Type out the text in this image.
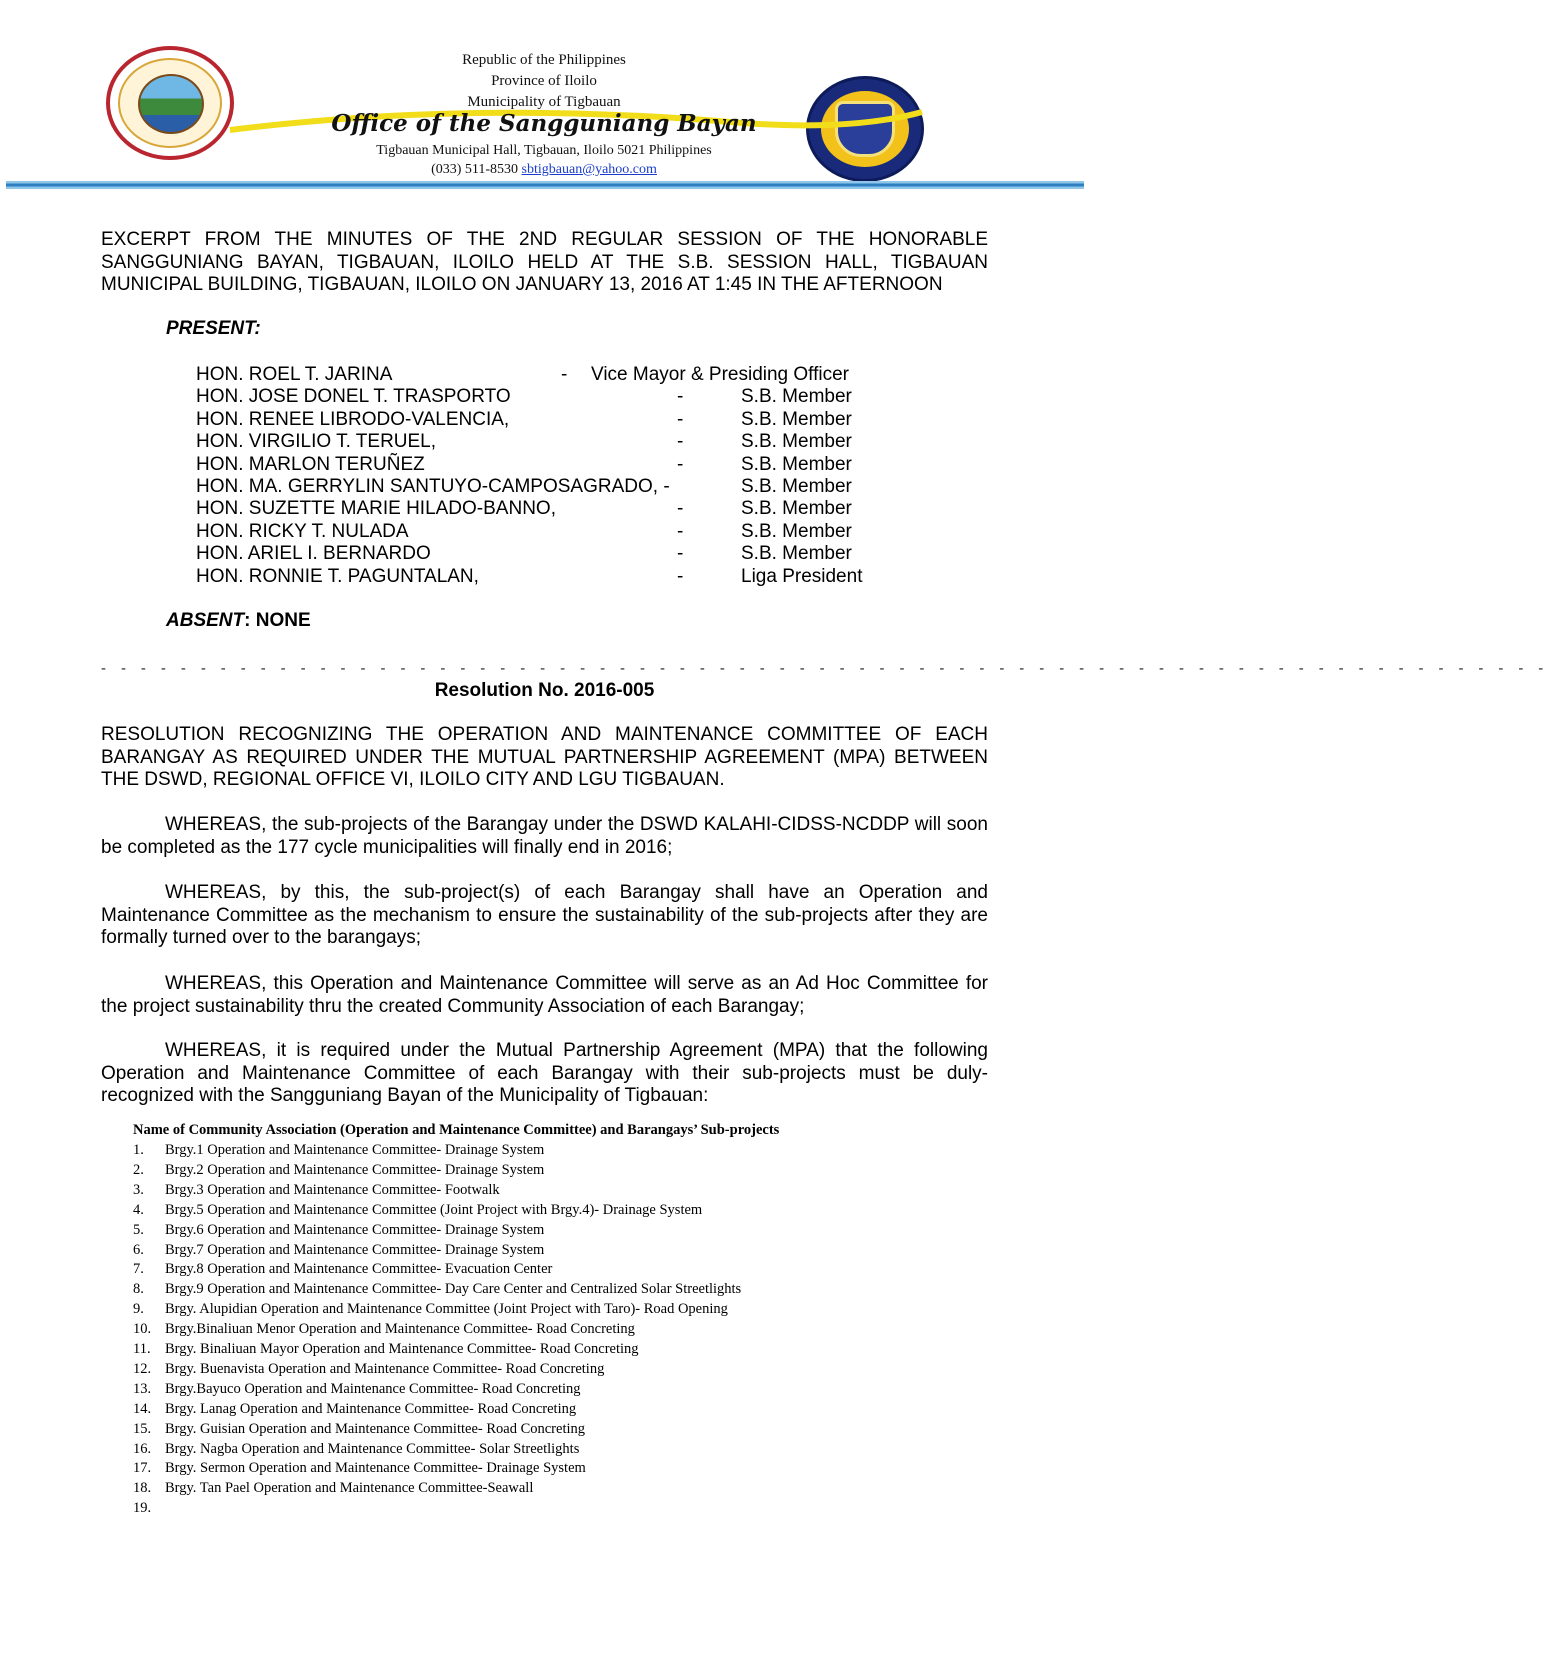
Republic of the Philippines
Province of Iloilo
Municipality of Tigbauan
Office of the Sangguniang Bayan
Tigbauan Municipal Hall, Tigbauan, Iloilo 5021 Philippines
(033) 511-8530 sbtigbauan@yahoo.com
EXCERPT FROM THE MINUTES OF THE 2ND REGULAR SESSION OF THE HONORABLE SANGGUNIANG BAYAN, TIGBAUAN, ILOILO HELD AT THE S.B. SESSION HALL, TIGBAUAN MUNICIPAL BUILDING, TIGBAUAN, ILOILO ON JANUARY 13, 2016 AT 1:45 IN THE AFTERNOON
PRESENT:
HON. ROEL T. JARINA	- Vice Mayor & Presiding Officer
HON. JOSE DONEL T. TRASPORTO	-	S.B. Member
HON. RENEE LIBRODO-VALENCIA,	-	S.B. Member
HON. VIRGILIO T. TERUEL,	-	S.B. Member
HON. MARLON TERUÑEZ	-	S.B. Member
HON. MA. GERRYLIN SANTUYO-CAMPOSAGRADO, -	S.B. Member
HON. SUZETTE MARIE HILADO-BANNO,	-	S.B. Member
HON. RICKY T. NULADA	-	S.B. Member
HON. ARIEL I. BERNARDO	-	S.B. Member
HON. RONNIE T. PAGUNTALAN,	-	Liga President
ABSENT: NONE
- - - - - - - - - - - - - - - - - - - - - - - - - - - - - - - - - - - - - - - - - - - - - - - - - - - - - - - - - - - - - - - - - - - - - - - - -
Resolution No. 2016-005
RESOLUTION RECOGNIZING THE OPERATION AND MAINTENANCE COMMITTEE OF EACH BARANGAY AS REQUIRED UNDER THE MUTUAL PARTNERSHIP AGREEMENT (MPA) BETWEEN THE DSWD, REGIONAL OFFICE VI, ILOILO CITY AND LGU TIGBAUAN.
WHEREAS, the sub-projects of the Barangay under the DSWD KALAHI-CIDSS-NCDDP will soon be completed as the 177 cycle municipalities will finally end in 2016;
WHEREAS, by this, the sub-project(s) of each Barangay shall have an Operation and Maintenance Committee as the mechanism to ensure the sustainability of the sub-projects after they are formally turned over to the barangays;
WHEREAS, this Operation and Maintenance Committee will serve as an Ad Hoc Committee for the project sustainability thru the created Community Association of each Barangay;
WHEREAS, it is required under the Mutual Partnership Agreement (MPA) that the following Operation and Maintenance Committee of each Barangay with their sub-projects must be duly-recognized with the Sangguniang Bayan of the Municipality of Tigbauan:
Name of Community Association (Operation and Maintenance Committee) and Barangays’ Sub-projects
1. Brgy.1 Operation and Maintenance Committee- Drainage System
2. Brgy.2 Operation and Maintenance Committee- Drainage System
3. Brgy.3 Operation and Maintenance Committee- Footwalk
4. Brgy.5 Operation and Maintenance Committee (Joint Project with Brgy.4)- Drainage System
5. Brgy.6 Operation and Maintenance Committee- Drainage System
6. Brgy.7 Operation and Maintenance Committee- Drainage System
7. Brgy.8 Operation and Maintenance Committee- Evacuation Center
8. Brgy.9 Operation and Maintenance Committee- Day Care Center and Centralized Solar Streetlights
9. Brgy. Alupidian Operation and Maintenance Committee (Joint Project with Taro)- Road Opening
10. Brgy.Binaliuan Menor Operation and Maintenance Committee- Road Concreting
11. Brgy. Binaliuan Mayor Operation and Maintenance Committee- Road Concreting
12. Brgy. Buenavista Operation and Maintenance Committee- Road Concreting
13. Brgy.Bayuco Operation and Maintenance Committee- Road Concreting
14. Brgy. Lanag Operation and Maintenance Committee- Road Concreting
15. Brgy. Guisian Operation and Maintenance Committee- Road Concreting
16. Brgy. Nagba Operation and Maintenance Committee- Solar Streetlights
17. Brgy. Sermon Operation and Maintenance Committee- Drainage System
18. Brgy. Tan Pael Operation and Maintenance Committee-Seawall
19.
